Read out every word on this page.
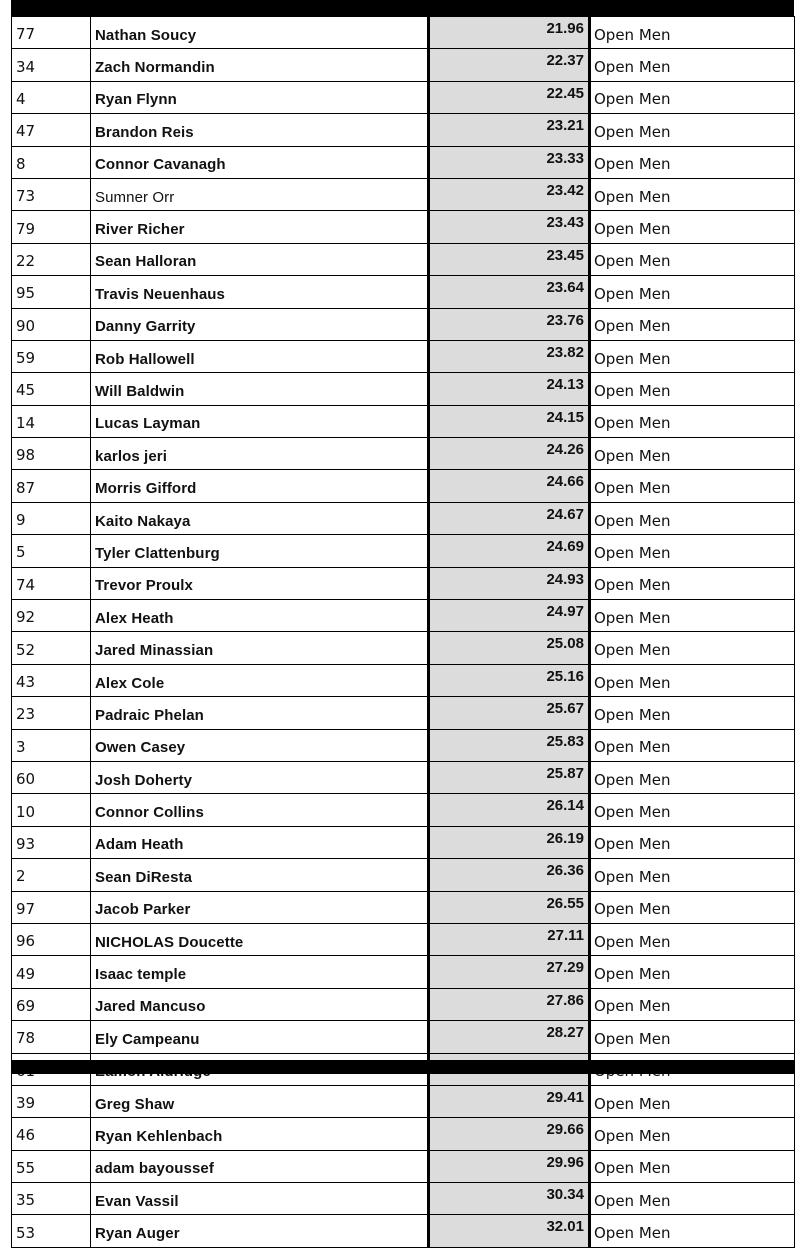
77	Nathan Soucy	21.96	Open Men
34	Zach Normandin	22.37	Open Men
4	Ryan Flynn	22.45	Open Men
47	Brandon Reis	23.21	Open Men
8	Connor Cavanagh	23.33	Open Men
73	Sumner Orr	23.42	Open Men
79	River Richer	23.43	Open Men
22	Sean Halloran	23.45	Open Men
95	Travis Neuenhaus	23.64	Open Men
90	Danny Garrity	23.76	Open Men
59	Rob Hallowell	23.82	Open Men
45	Will Baldwin	24.13	Open Men
14	Lucas Layman	24.15	Open Men
98	karlos jeri	24.26	Open Men
87	Morris Gifford	24.66	Open Men
9	Kaito Nakaya	24.67	Open Men
5	Tyler Clattenburg	24.69	Open Men
74	Trevor Proulx	24.93	Open Men
92	Alex Heath	24.97	Open Men
52	Jared Minassian	25.08	Open Men
43	Alex Cole	25.16	Open Men
23	Padraic Phelan	25.67	Open Men
3	Owen Casey	25.83	Open Men
60	Josh Doherty	25.87	Open Men
10	Connor Collins	26.14	Open Men
93	Adam Heath	26.19	Open Men
2	Sean DiResta	26.36	Open Men
97	Jacob Parker	26.55	Open Men
96	NICHOLAS Doucette	27.11	Open Men
49	Isaac temple	27.29	Open Men
69	Jared Mancuso	27.86	Open Men
78	Ely Campeanu	28.27	Open Men

39	Greg Shaw	29.41	Open Men
46	Ryan Kehlenbach	29.66	Open Men
55	adam bayoussef	29.96	Open Men
35	Evan Vassil	30.34	Open Men
53	Ryan Auger	32.01	Open Men
